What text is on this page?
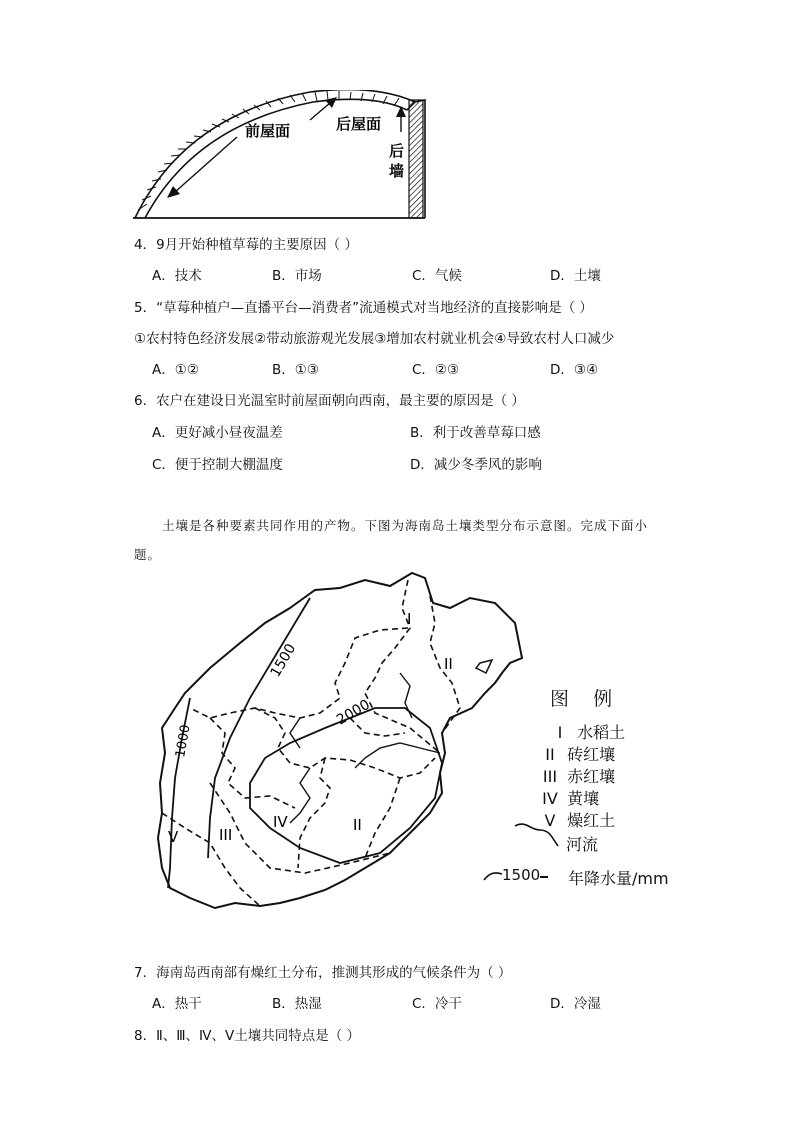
前屋面	后屋面
后
墙
4．9月开始种植草莓的主要原因（ ）
A．技术	B．市场	C．气候	D．土壤
5．“草莓种植户—直播平台—消费者”流通模式对当地经济的直接影响是（ ）
①农村特色经济发展②带动旅游观光发展③增加农村就业机会④导致农村人口减少
A．①②	B．①③	C．②③	D．③④
6．农户在建设日光温室时前屋面朝向西南，最主要的原因是（ ）
A．更好减小昼夜温差	B．利于改善草莓口感
C．便于控制大棚温度	D．减少冬季风的影响
土壤是各种要素共同作用的产物。下图为海南岛土壤类型分布示意图。完成下面小
题。
1000
1500
2000
I
II
III
IV	II
V
图    例
I 水稻土
II 砖红壤
III 赤红壤
IV 黄壤
V 燥红土
河流
1500 年降水量/mm
7．海南岛西南部有燥红土分布，推测其形成的气候条件为（ ）
A．热干	B．热湿	C．冷干	D．冷湿
8．Ⅱ、Ⅲ、Ⅳ、Ⅴ土壤共同特点是（ ）
